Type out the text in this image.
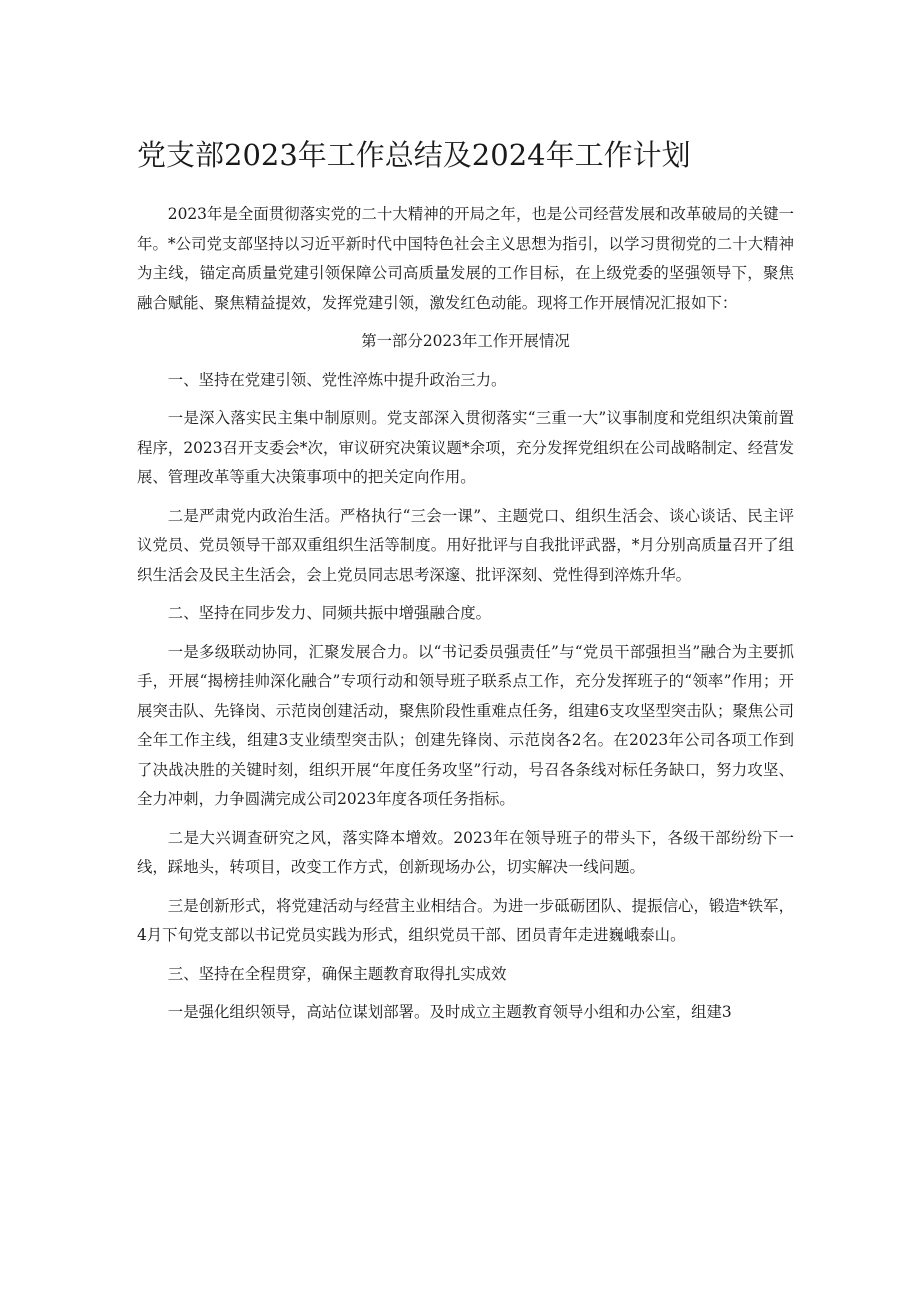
党支部2023年工作总结及2024年工作计划

2023年是全面贯彻落实党的二十大精神的开局之年，也是公司经营发展和改革破局的关键一年。*公司党支部坚持以习近平新时代中国特色社会主义思想为指引，以学习贯彻党的二十大精神为主线，锚定高质量党建引领保障公司高质量发展的工作目标，在上级党委的坚强领导下，聚焦融合赋能、聚焦精益提效，发挥党建引领，激发红色动能。现将工作开展情况汇报如下：

第一部分2023年工作开展情况

一、坚持在党建引领、党性淬炼中提升政治三力。

一是深入落实民主集中制原则。党支部深入贯彻落实“三重一大”议事制度和党组织决策前置程序，2023召开支委会*次，审议研究决策议题*余项，充分发挥党组织在公司战略制定、经营发展、管理改革等重大决策事项中的把关定向作用。

二是严肃党内政治生活。严格执行“三会一课”、主题党口、组织生活会、谈心谈话、民主评议党员、党员领导干部双重组织生活等制度。用好批评与自我批评武器，*月分别高质量召开了组织生活会及民主生活会，会上党员同志思考深邃、批评深刻、党性得到淬炼升华。

二、坚持在同步发力、同频共振中增强融合度。

一是多级联动协同，汇聚发展合力。以“书记委员强责任”与“党员干部强担当”融合为主要抓手，开展“揭榜挂帅深化融合”专项行动和领导班子联系点工作，充分发挥班子的“领率”作用；开展突击队、先锋岗、示范岗创建活动，聚焦阶段性重难点任务，组建6支攻坚型突击队；聚焦公司全年工作主线，组建3支业绩型突击队；创建先锋岗、示范岗各2名。在2023年公司各项工作到了决战决胜的关键时刻，组织开展“年度任务攻坚”行动，号召各条线对标任务缺口，努力攻坚、全力冲刺，力争圆满完成公司2023年度各项任务指标。

二是大兴调查研究之风，落实降本增效。2023年在领导班子的带头下，各级干部纷纷下一线，踩地头，转项目，改变工作方式，创新现场办公，切实解决一线问题。

三是创新形式，将党建活动与经营主业相结合。为进一步砥砺团队、提振信心，锻造*铁军，4月下旬党支部以书记党员实践为形式，组织党员干部、团员青年走进巍峨泰山。

三、坚持在全程贯穿，确保主题教育取得扎实成效

一是强化组织领导，高站位谋划部署。及时成立主题教育领导小组和办公室，组建3
